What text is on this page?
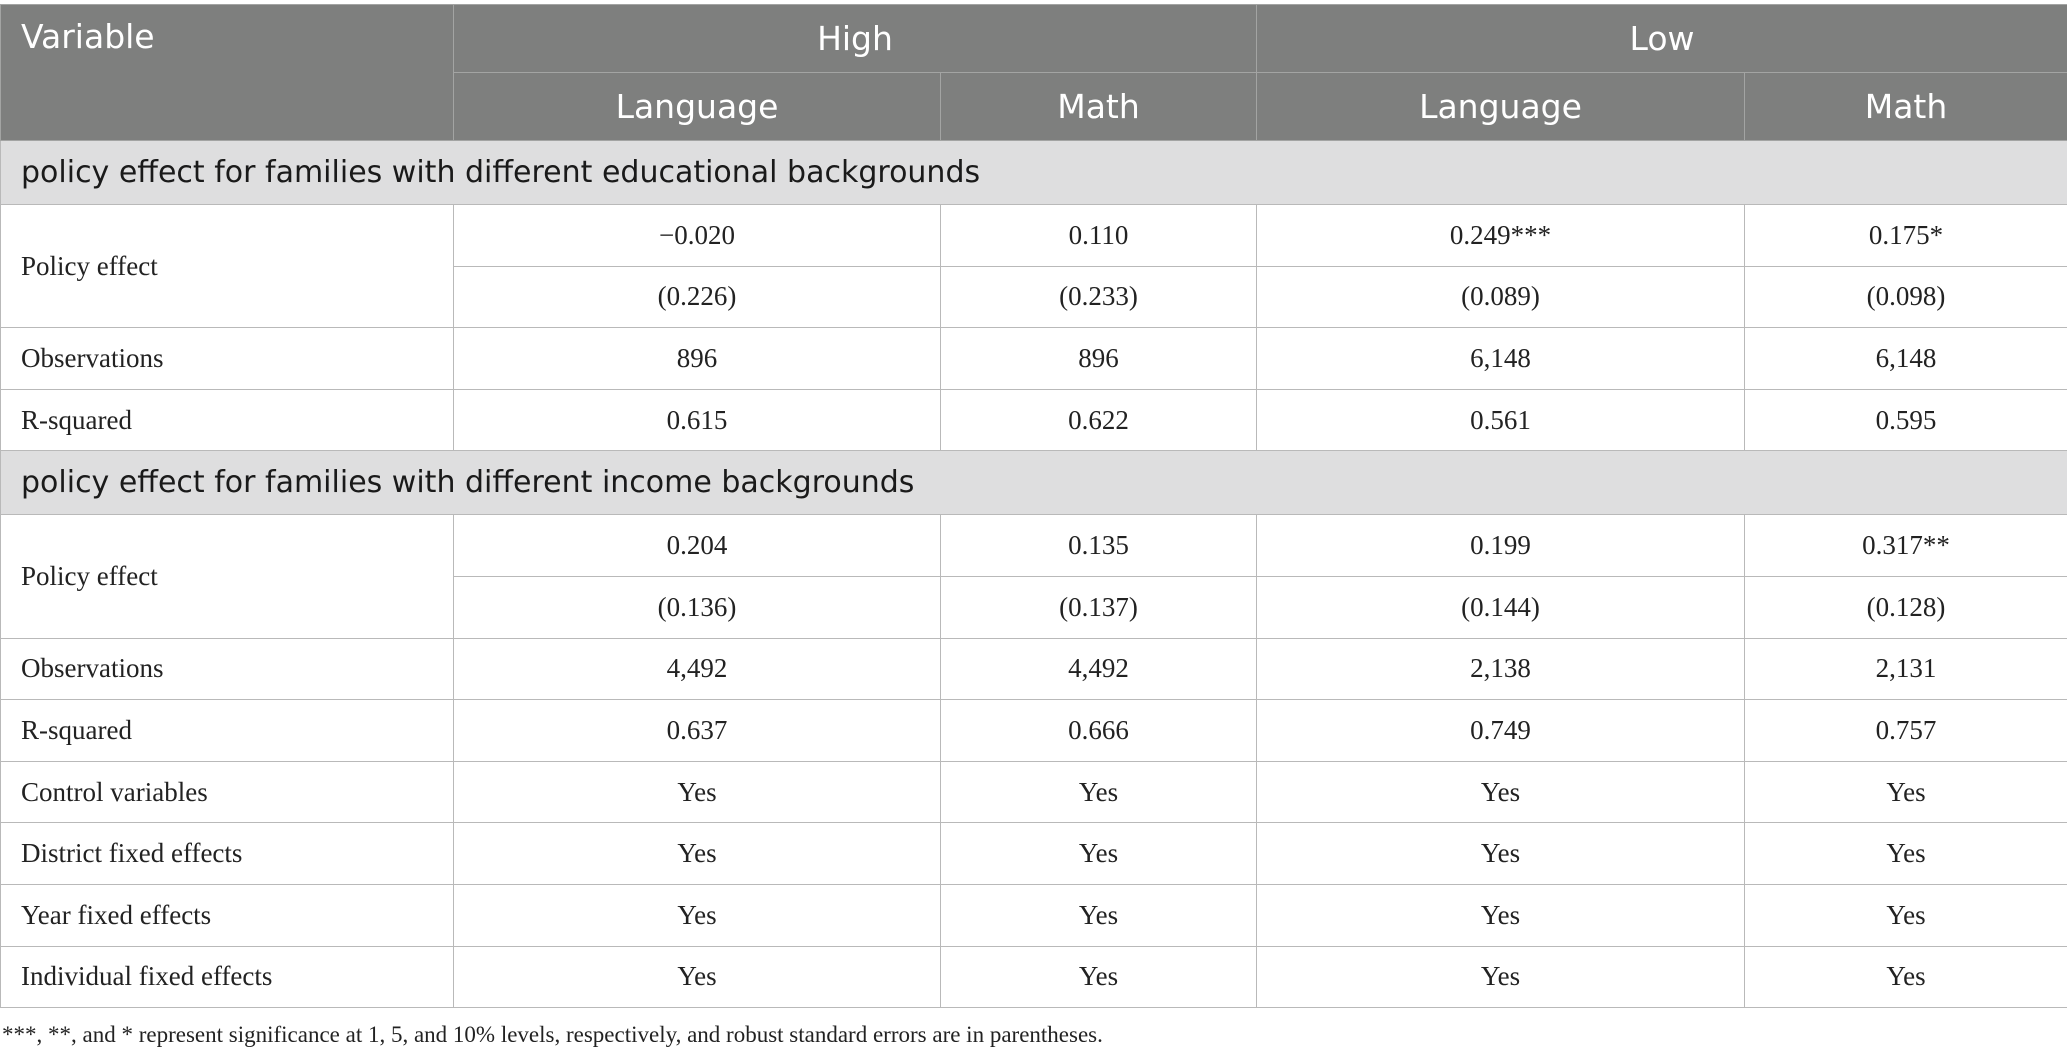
Variable	High		Low	
	Language	Math	Language	Math
policy effect for families with different educational backgrounds				
Policy effect	−0.020	0.110	0.249***	0.175*
	(0.226)	(0.233)	(0.089)	(0.098)
Observations	896	896	6,148	6,148
R-squared	0.615	0.622	0.561	0.595
policy effect for families with different income backgrounds				
Policy effect	0.204	0.135	0.199	0.317**
	(0.136)	(0.137)	(0.144)	(0.128)
Observations	4,492	4,492	2,138	2,131
R-squared	0.637	0.666	0.749	0.757
Control variables	Yes	Yes	Yes	Yes
District fixed effects	Yes	Yes	Yes	Yes
Year fixed effects	Yes	Yes	Yes	Yes
Individual fixed effects	Yes	Yes	Yes	Yes
***, **, and * represent significance at 1, 5, and 10% levels, respectively, and robust standard errors are in parentheses.
